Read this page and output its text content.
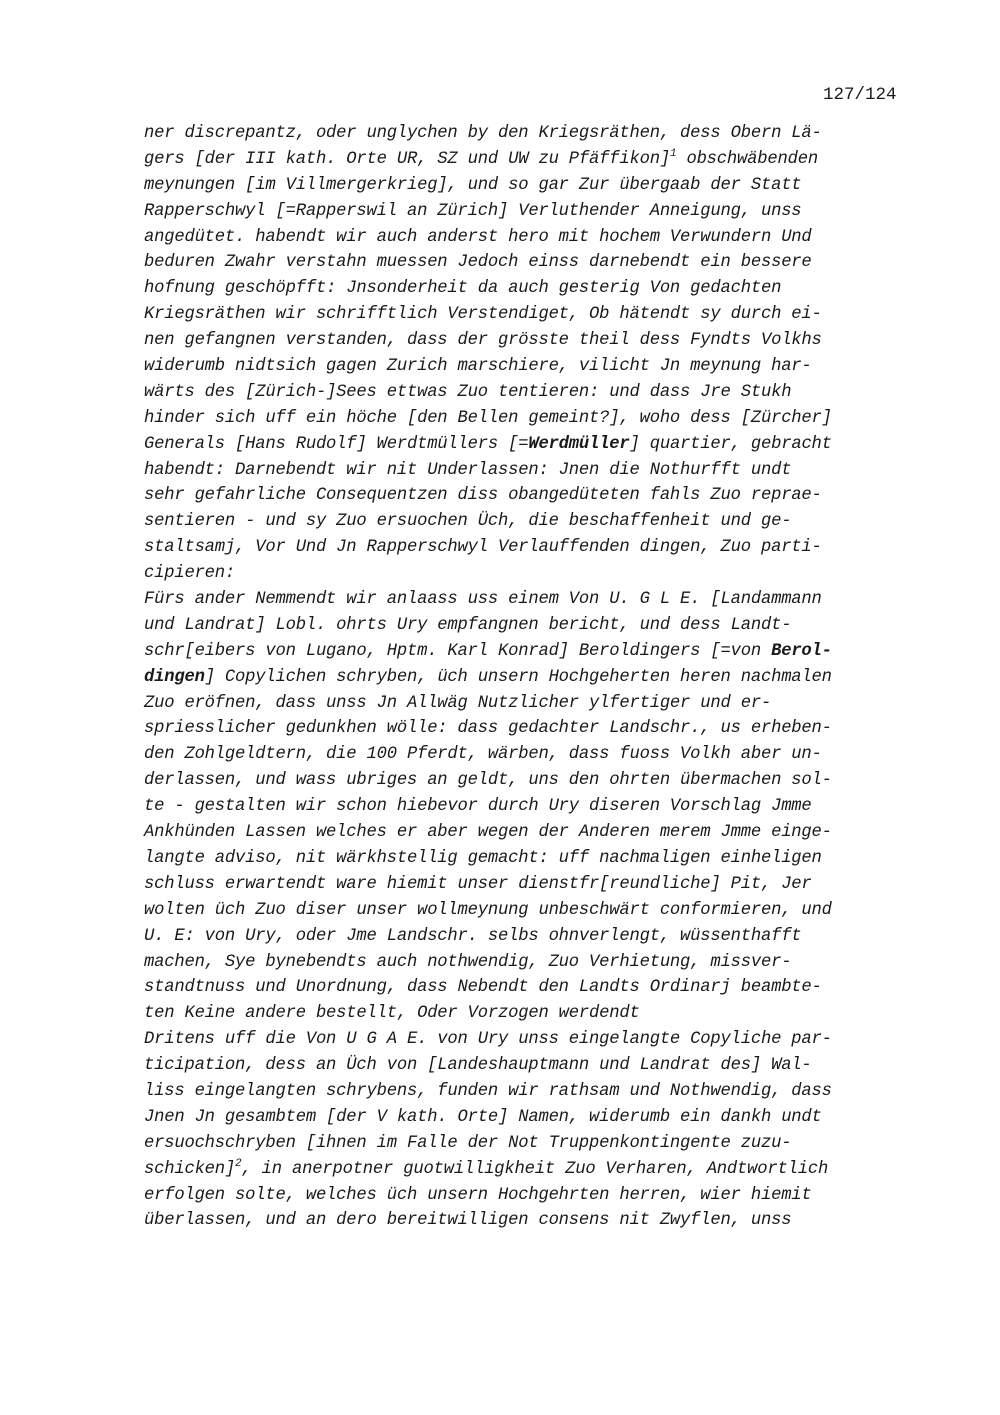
127/124
ner discrepantz, oder unglychen by den Kriegsräthen, dess Obern Lä-
gers [der III kath. Orte UR, SZ und UW zu Pfäffikon]$^1$ obschwäbenden
meynungen [im Villmergerkrieg], und so gar Zur übergaab der Statt
Rapperschwyl [=Rapperswil an Zürich] Verluthender Anneigung, unss
angedütet. habendt wir auch anderst hero mit hochem Verwundern Und
beduren Zwahr verstahn muessen Jedoch einss darnebendt ein bessere
hofnung geschöpfft: Jnsonderheit da auch gesterig Von gedachten
Kriegsräthen wir schrifftlich Verstendiget, Ob hätendt sy durch ei-
nen gefangnen verstanden, dass der grösste theil dess Fyndts Volkhs
widerumb nidtsich gagen Zurich marschiere, vilicht Jn meynung har-
wärts des [Zürich-]Sees ettwas Zuo tentieren: und dass Jre Stukh
hinder sich uff ein höche [den Bellen gemeint?], woho dess [Zürcher]
Generals [Hans Rudolf] Werdtmüllers [=Werdmüller] quartier, gebracht
habendt: Darnebendt wir nit Underlassen: Jnen die Nothurfft undt
sehr gefahrliche Consequentzen diss obangedüteten fahls Zuo reprae-
sentieren - und sy Zuo ersuochen Üch, die beschaffenheit und ge-
staltsamj, Vor Und Jn Rapperschwyl Verlauffenden dingen, Zuo parti-
cipieren:
Fürs ander Nemmendt wir anlaass uss einem Von U. G L E. [Landammann
und Landrat] Lobl. ohrts Ury empfangnen bericht, und dess Landt-
schr[eibers von Lugano, Hptm. Karl Konrad] Beroldingers [=von Berol-
dingen] Copylichen schryben, üch unsern Hochgeherten heren nachmalen
Zuo eröfnen, dass unss Jn Allwäg Nutzlicher ylfertiger und er-
spriesslicher gedunkhen wölle: dass gedachter Landschr., us erheben-
den Zohlgeldtern, die 100 Pferdt, wärben, dass fuoss Volkh aber un-
derlassen, und wass ubriges an geldt, uns den ohrten übermachen sol-
te - gestalten wir schon hiebevor durch Ury diseren Vorschlag Jmme
Ankhünden Lassen welches er aber wegen der Anderen merem Jmme einge-
langte adviso, nit wärkhstellig gemacht: uff nachmaligen einheligen
schluss erwartendt ware hiemit unser dienstfr[reundliche] Pit, Jer
wolten üch Zuo diser unser wollmeynung unbeschwärt conformieren, und
U. E: von Ury, oder Jme Landschr. selbs ohnverlengt, wüssenthafft
machen, Sye bynebendts auch nothwendig, Zuo Verhietung, missver-
standtnuss und Unordnung, dass Nebendt den Landts Ordinarj beambte-
ten Keine andere bestellt, Oder Vorzogen werdendt
Dritens uff die Von U G A E. von Ury unss eingelangte Copyliche par-
ticipation, dess an Üch von [Landeshauptmann und Landrat des] Wal-
liss eingelangten schrybens, funden wir rathsam und Nothwendig, dass
Jnen Jn gesambtem [der V kath. Orte] Namen, widerumb ein dankh undt
ersuochschryben [ihnen im Falle der Not Truppenkontingente zuzu-
schicken]$^2$, in anerpotner guotwilligkheit Zuo Verharen, Andtwortlich
erfolgen solte, welches üch unsern Hochgehrten herren, wier hiemit
überlassen, und an dero bereitwilligen consens nit Zwyflen, unss
